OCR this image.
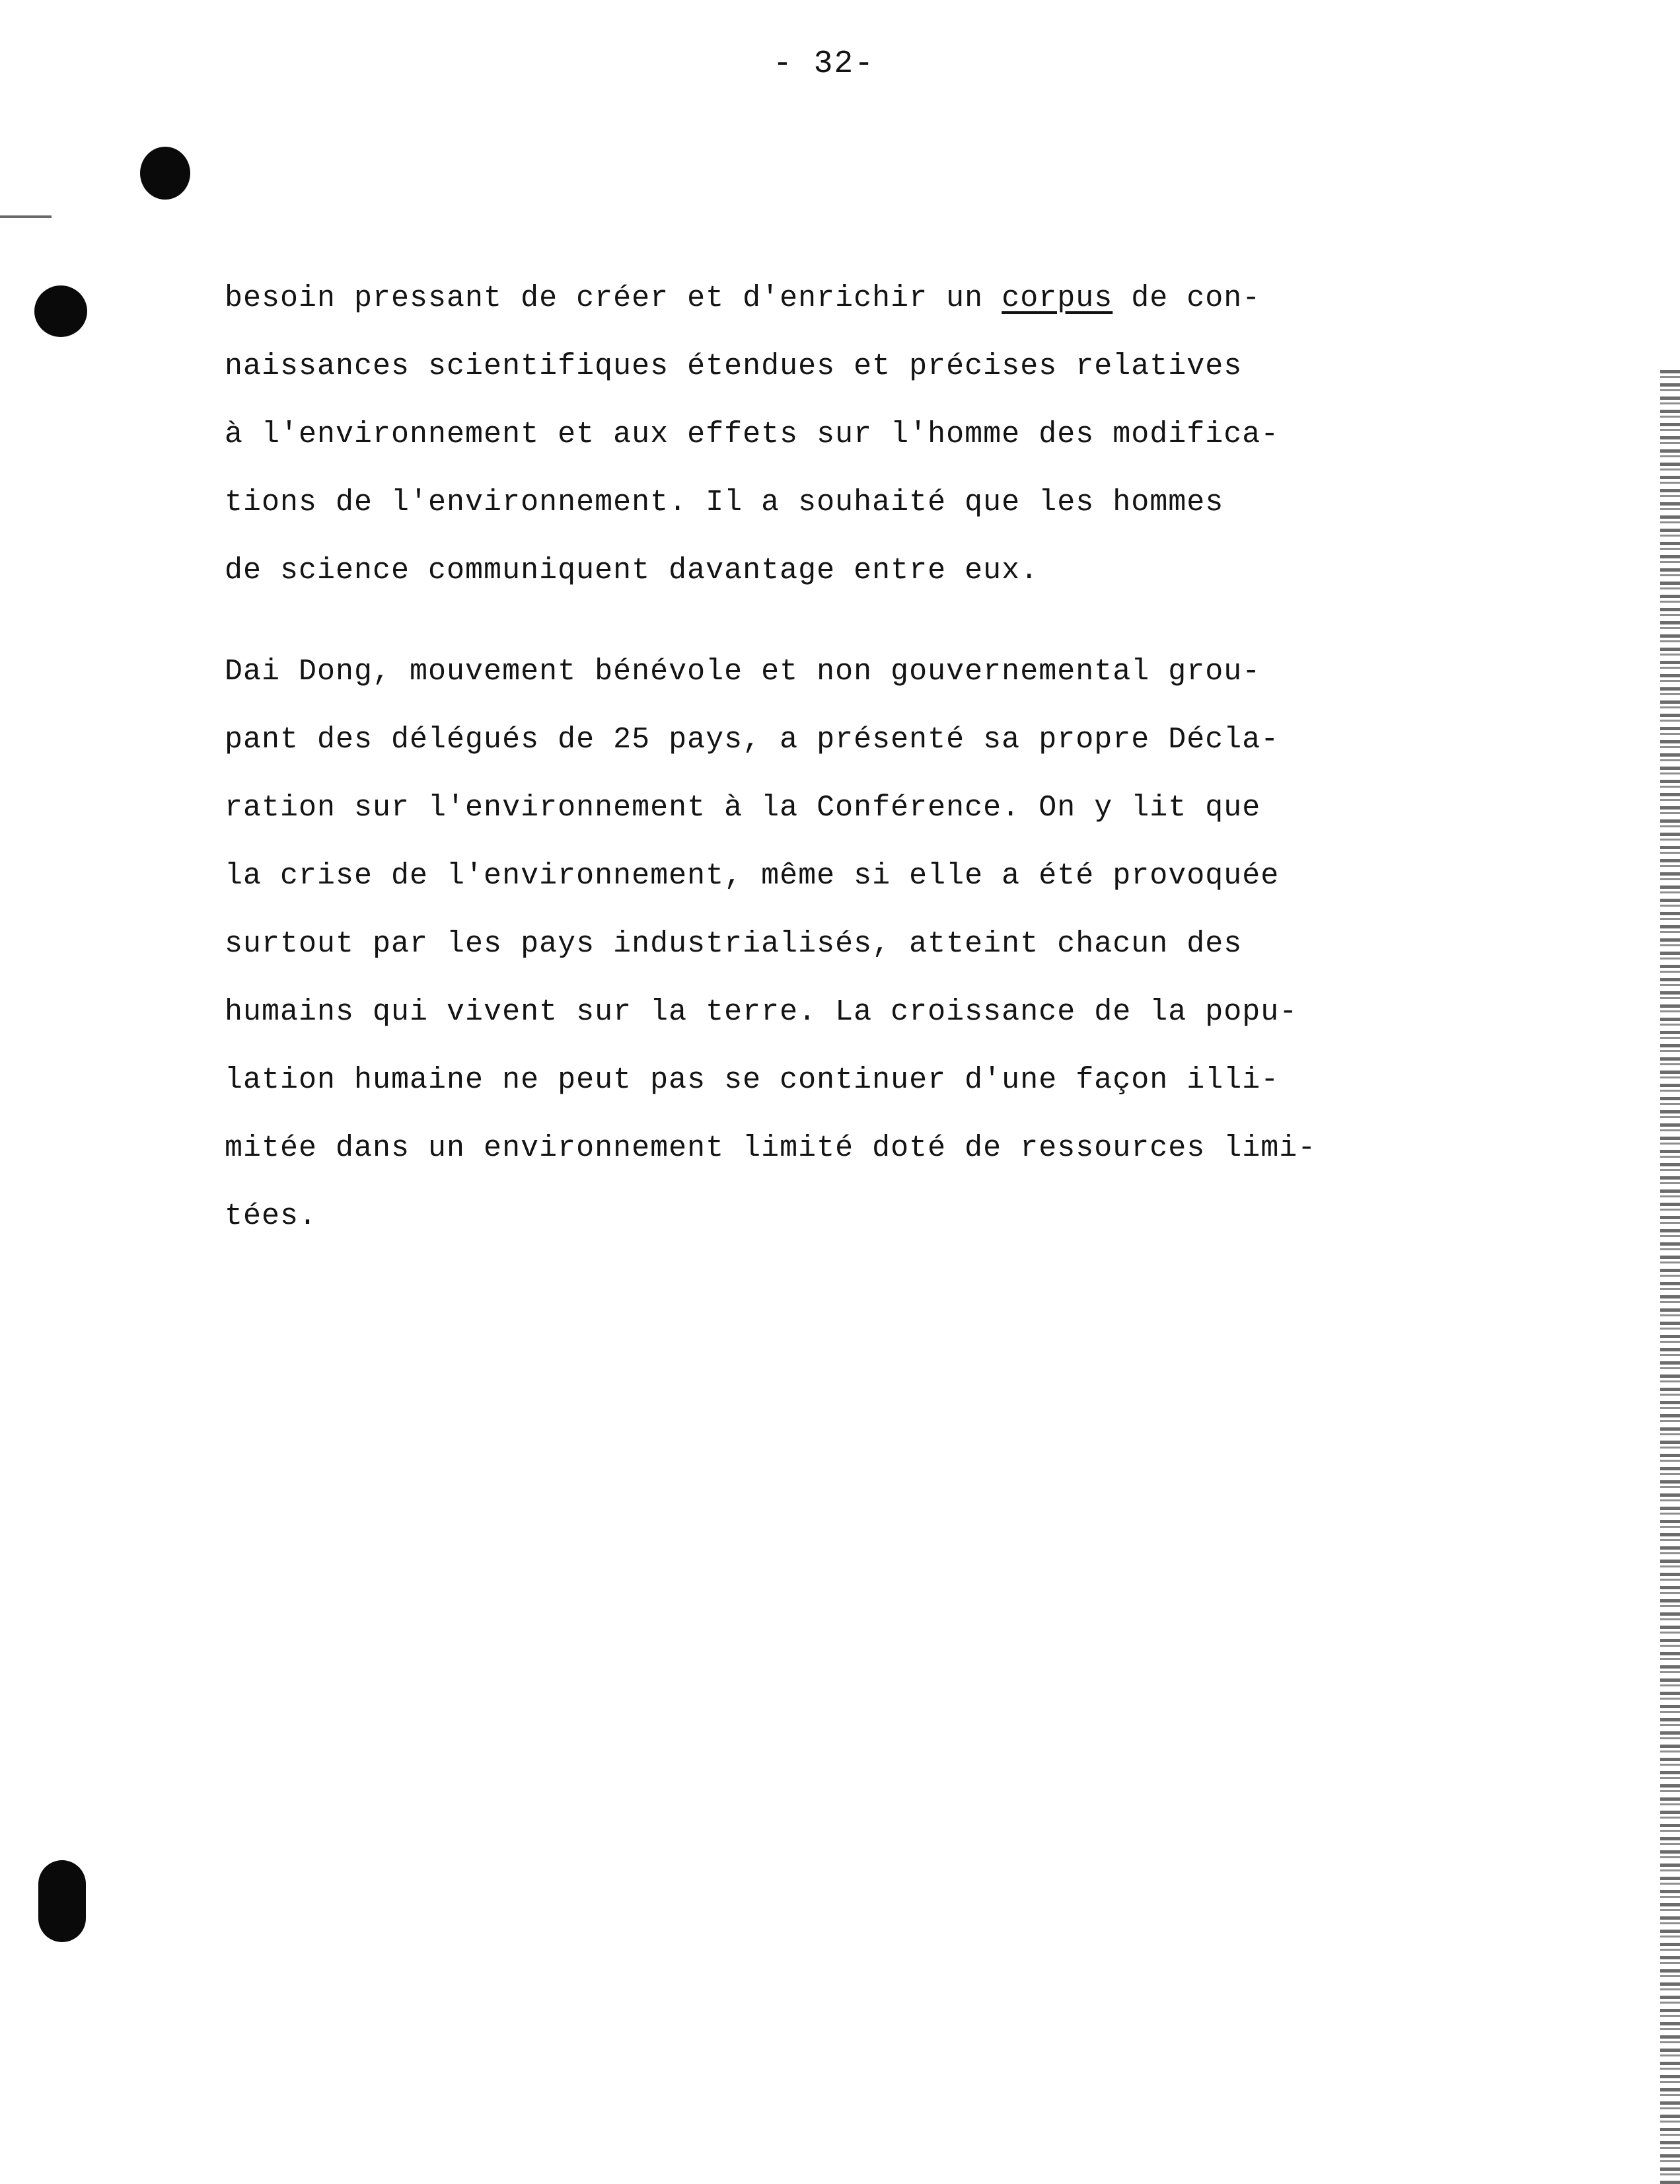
- 32-
besoin pressant de créer et d'enrichir un corpus de con-
naissances scientifiques étendues et précises relatives
à l'environnement et aux effets sur l'homme des modifica-
tions de l'environnement. Il a souhaité que les hommes
de science communiquent davantage entre eux.
Dai Dong, mouvement bénévole et non gouvernemental grou-
pant des délégués de 25 pays, a présenté sa propre Décla-
ration sur l'environnement à la Conférence. On y lit que
la crise de l'environnement, même si elle a été provoquée
surtout par les pays industrialisés, atteint chacun des
humains qui vivent sur la terre. La croissance de la popu-
lation humaine ne peut pas se continuer d'une façon illi-
mitée dans un environnement limité doté de ressources limi-
tées.
